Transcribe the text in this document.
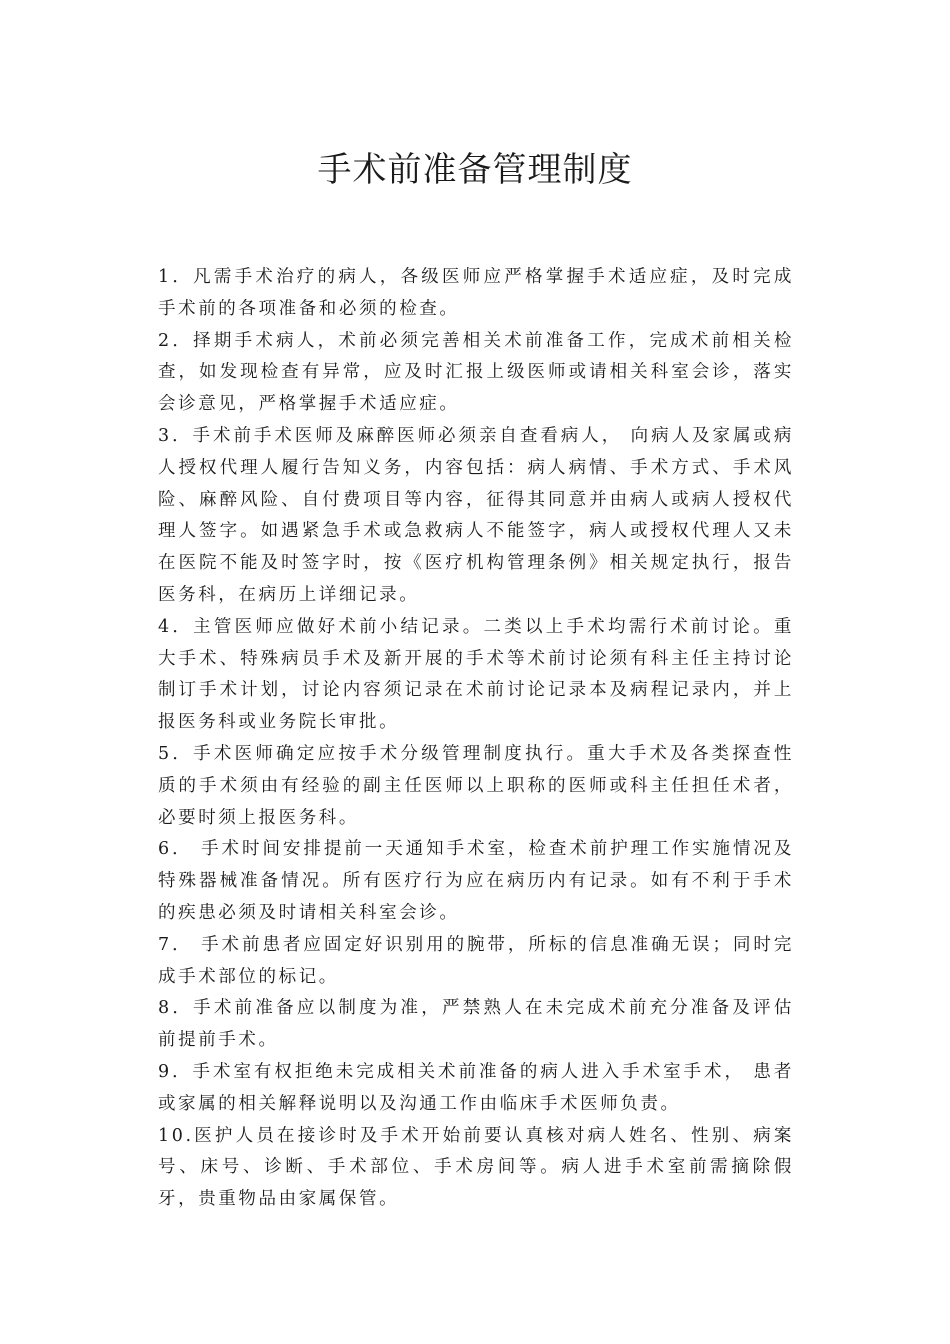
手术前准备管理制度

1．凡需手术治疗的病人，各级医师应严格掌握手术适应症，及时完成手术前的各项准备和必须的检查。

2．择期手术病人，术前必须完善相关术前准备工作，完成术前相关检查，如发现检查有异常，应及时汇报上级医师或请相关科室会诊，落实会诊意见，严格掌握手术适应症。

3．手术前手术医师及麻醉医师必须亲自查看病人， 向病人及家属或病人授权代理人履行告知义务，内容包括：病人病情、手术方式、手术风险、麻醉风险、自付费项目等内容，征得其同意并由病人或病人授权代理人签字。如遇紧急手术或急救病人不能签字，病人或授权代理人又未在医院不能及时签字时，按《医疗机构管理条例》相关规定执行，报告医务科，在病历上详细记录。

4．主管医师应做好术前小结记录。二类以上手术均需行术前讨论。重大手术、特殊病员手术及新开展的手术等术前讨论须有科主任主持讨论制订手术计划，讨论内容须记录在术前讨论记录本及病程记录内，并上报医务科或业务院长审批。

5．手术医师确定应按手术分级管理制度执行。重大手术及各类探查性质的手术须由有经验的副主任医师以上职称的医师或科主任担任术者，必要时须上报医务科。

6． 手术时间安排提前一天通知手术室，检查术前护理工作实施情况及特殊器械准备情况。所有医疗行为应在病历内有记录。如有不利于手术的疾患必须及时请相关科室会诊。

7． 手术前患者应固定好识别用的腕带，所标的信息准确无误；同时完成手术部位的标记。

8．手术前准备应以制度为准，严禁熟人在未完成术前充分准备及评估前提前手术。

9．手术室有权拒绝未完成相关术前准备的病人进入手术室手术， 患者或家属的相关解释说明以及沟通工作由临床手术医师负责。

10.医护人员在接诊时及手术开始前要认真核对病人姓名、性别、病案号、床号、诊断、手术部位、手术房间等。病人进手术室前需摘除假牙，贵重物品由家属保管。
